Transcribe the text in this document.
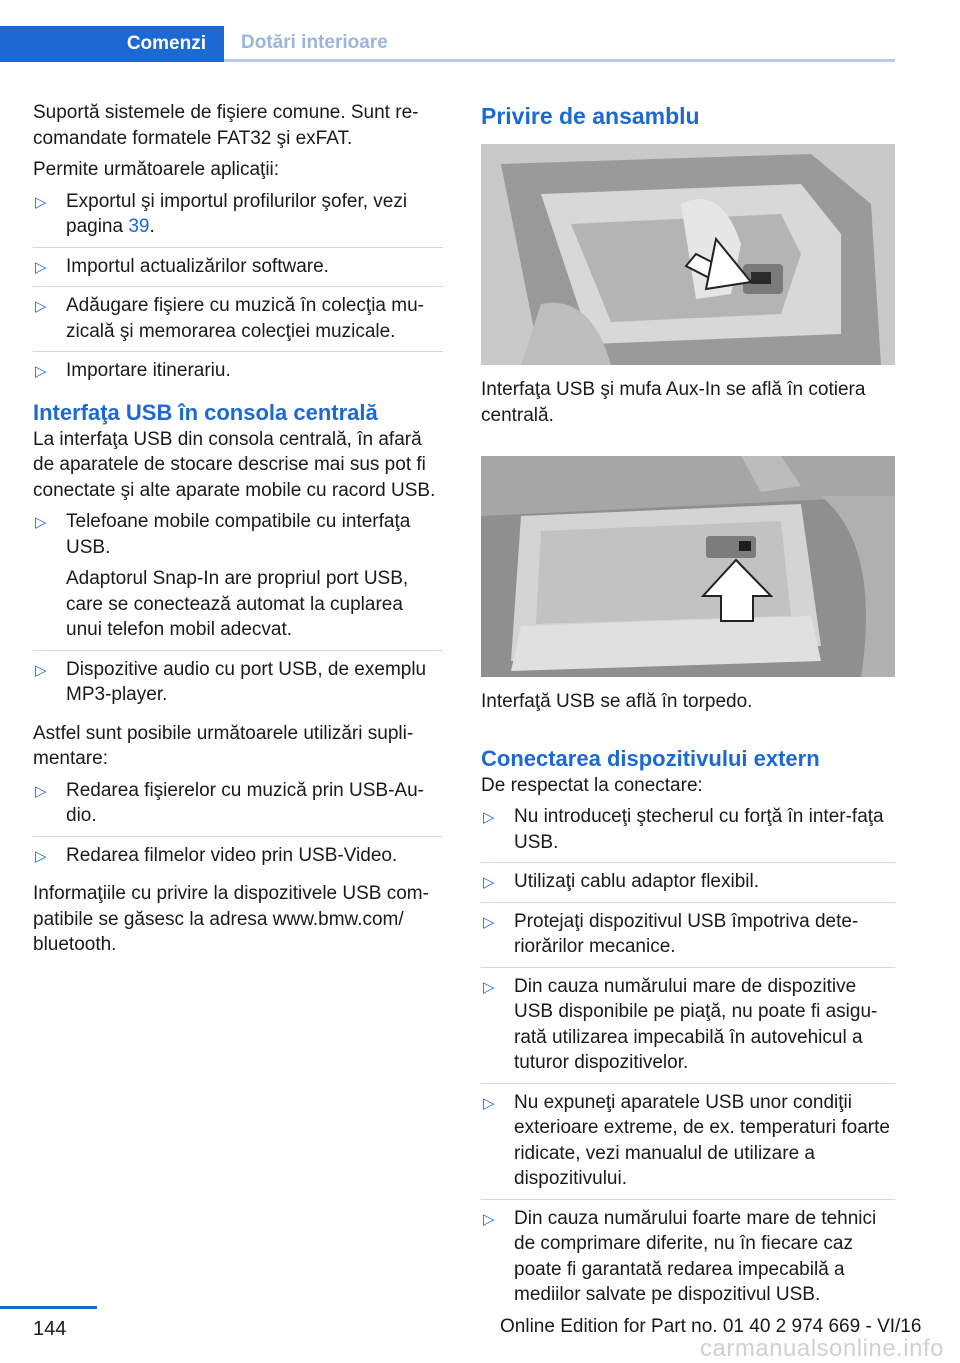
Comenzi	Dotări interioare

Suportă sistemele de fişiere comune. Sunt re‐comandate formatele FAT32 şi exFAT.

Permite următoarele aplicaţii:

▷ Exportul şi importul profilurilor şofer, vezi pagina 39.
▷ Importul actualizărilor software.
▷ Adăugare fişiere cu muzică în colecţia mu‐zicală şi memorarea colecţiei muzicale.
▷ Importare itinerariu.
Interfaţa USB în consola centrală

La interfaţa USB din consola centrală, în afară de aparatele de stocare descrise mai sus pot fi conectate şi alte aparate mobile cu racord USB.

▷ Telefoane mobile compatibile cu interfaţa USB.
Adaptorul Snap-In are propriul port USB, care se conectează automat la cuplarea unui telefon mobil adecvat.
▷ Dispozitive audio cu port USB, de exemplu MP3-player.

Astfel sunt posibile următoarele utilizări supli‐mentare:

▷ Redarea fişierelor cu muzică prin USB-Au‐dio.
▷ Redarea filmelor video prin USB-Video.

Informaţiile cu privire la dispozitivele USB com‐patibile se găsesc la adresa www.bmw.com/ bluetooth.

Privire de ansamblu

Interfaţa USB şi mufa Aux-In se află în cotiera centrală.

Interfaţă USB se află în torpedo.

Conectarea dispozitivului extern

De respectat la conectare:

▷ Nu introduceţi ştecherul cu forţă în inter‐faţa USB.
▷ Utilizaţi cablu adaptor flexibil.
▷ Protejaţi dispozitivul USB împotriva dete‐riorărilor mecanice.
▷ Din cauza numărului mare de dispozitive USB disponibile pe piaţă, nu poate fi asigu‐rată utilizarea impecabilă în autovehicul a tuturor dispozitivelor.
▷ Nu expuneţi aparatele USB unor condiţii exterioare extreme, de ex. temperaturi foarte ridicate, vezi manualul de utilizare a dispozitivului.
▷ Din cauza numărului foarte mare de tehnici de comprimare diferite, nu în fiecare caz poate fi garantată redarea impecabilă a mediilor salvate pe dispozitivul USB.
144	Online Edition for Part no. 01 40 2 974 669 - VI/16
carmanualsonline.info
